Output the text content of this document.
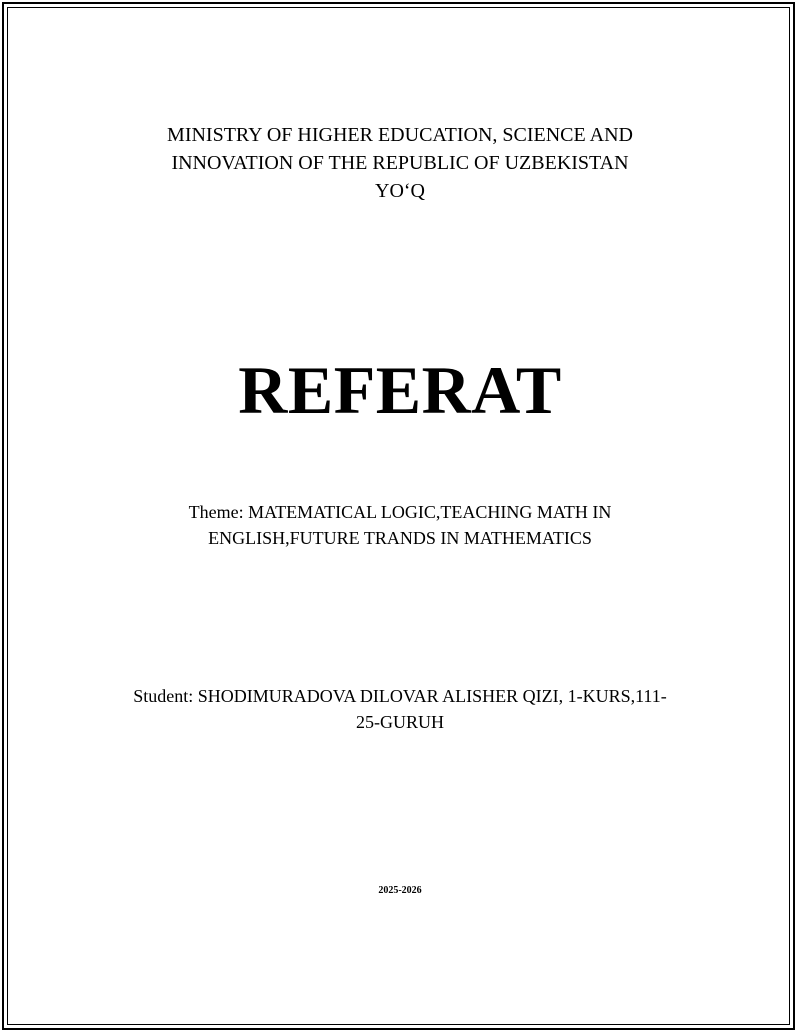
MINISTRY OF HIGHER EDUCATION, SCIENCE AND
INNOVATION OF THE REPUBLIC OF UZBEKISTAN
YO‘Q
REFERAT
Theme: MATEMATICAL LOGIC,TEACHING MATH IN
ENGLISH,FUTURE TRANDS IN MATHEMATICS
Student: SHODIMURADOVA DILOVAR ALISHER QIZI, 1-KURS,111-
25-GURUH
2025-2026
